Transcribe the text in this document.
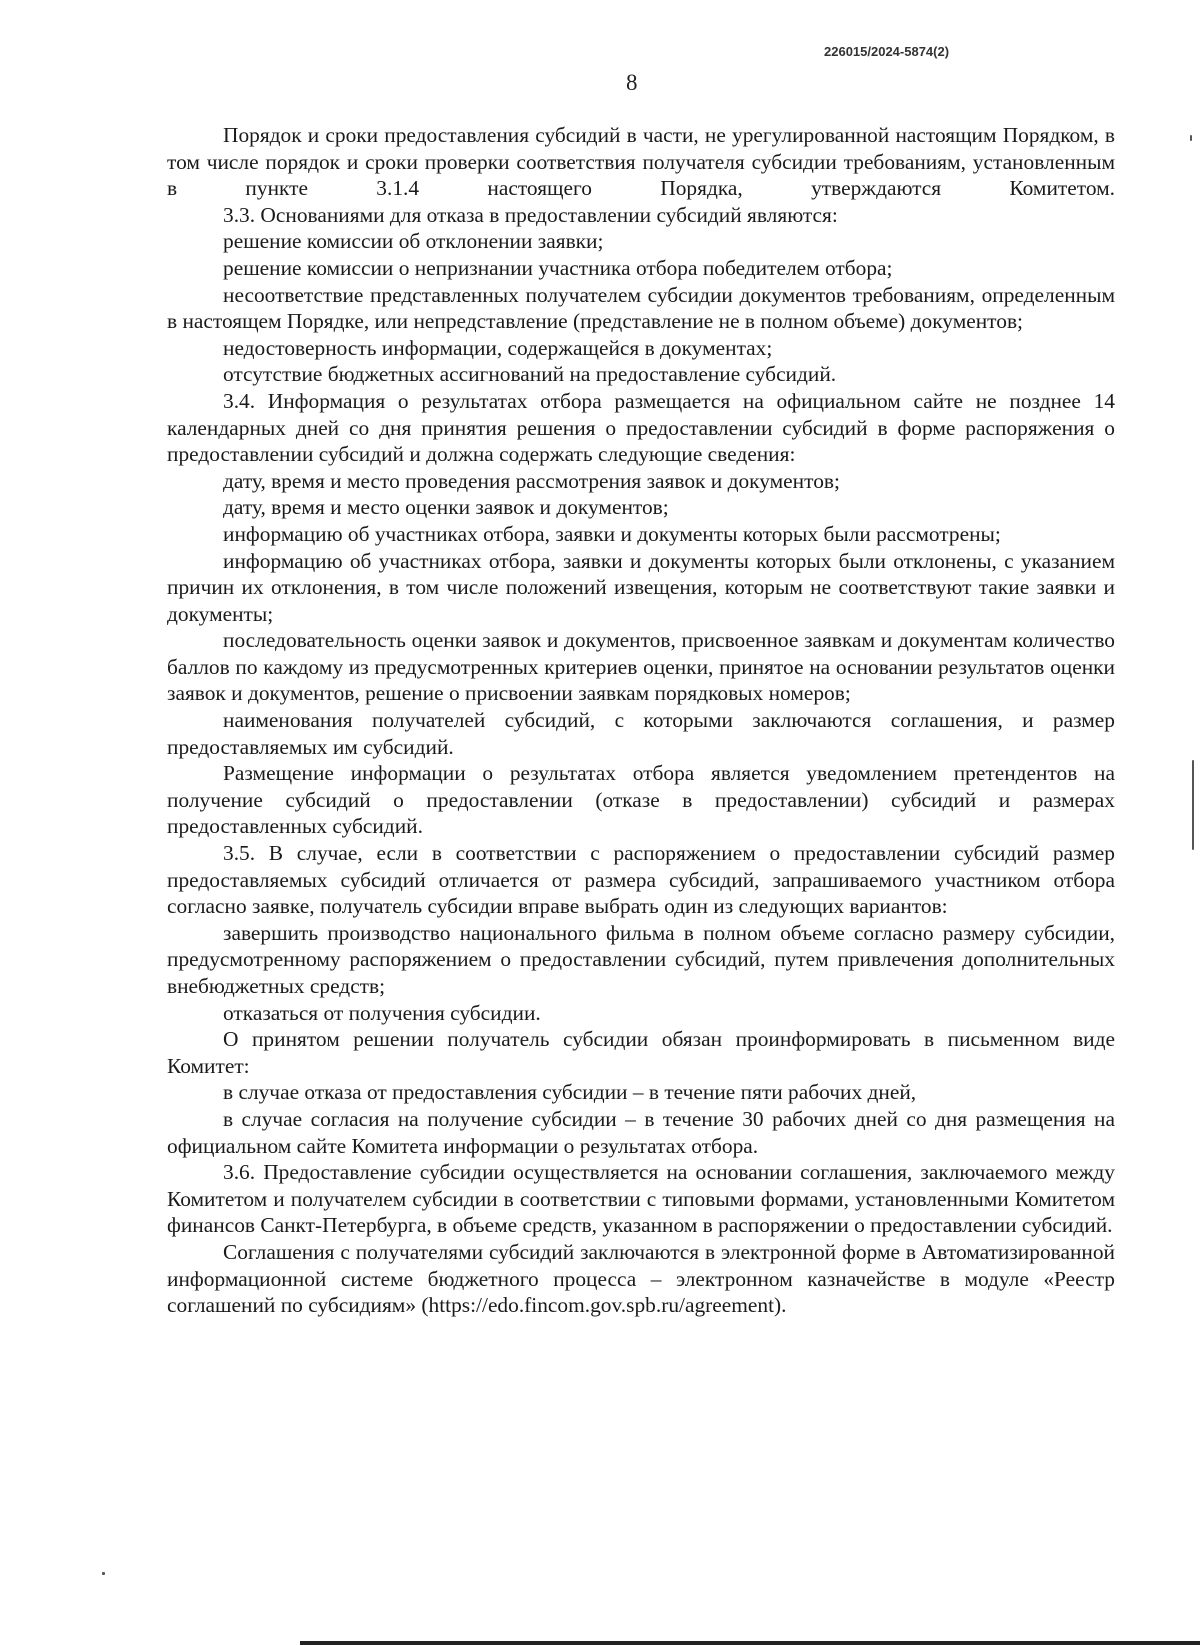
226015/2024-5874(2)
8

Порядок и сроки предоставления субсидий в части, не урегулированной настоящим Порядком, в том числе порядок и сроки проверки соответствия получателя субсидии требованиям, установленным в пункте 3.1.4 настоящего Порядка, утверждаются Комитетом.

3.3. Основаниями для отказа в предоставлении субсидий являются:

решение комиссии об отклонении заявки;

решение комиссии о непризнании участника отбора победителем отбора;

несоответствие представленных получателем субсидии документов требованиям, определенным в настоящем Порядке, или непредставление (представление не в полном объеме) документов;

недостоверность информации, содержащейся в документах;

отсутствие бюджетных ассигнований на предоставление субсидий.

3.4. Информация о результатах отбора размещается на официальном сайте не позднее 14 календарных дней со дня принятия решения о предоставлении субсидий в форме распоряжения о предоставлении субсидий и должна содержать следующие сведения:

дату, время и место проведения рассмотрения заявок и документов;

дату, время и место оценки заявок и документов;

информацию об участниках отбора, заявки и документы которых были рассмотрены;

информацию об участниках отбора, заявки и документы которых были отклонены, с указанием причин их отклонения, в том числе положений извещения, которым не соответствуют такие заявки и документы;

последовательность оценки заявок и документов, присвоенное заявкам и документам количество баллов по каждому из предусмотренных критериев оценки, принятое на основании результатов оценки заявок и документов, решение о присвоении заявкам порядковых номеров;

наименования получателей субсидий, с которыми заключаются соглашения, и размер предоставляемых им субсидий.

Размещение информации о результатах отбора является уведомлением претендентов на получение субсидий о предоставлении (отказе в предоставлении) субсидий и размерах предоставленных субсидий.

3.5. В случае, если в соответствии с распоряжением о предоставлении субсидий размер предоставляемых субсидий отличается от размера субсидий, запрашиваемого участником отбора согласно заявке, получатель субсидии вправе выбрать один из следующих вариантов:

завершить производство национального фильма в полном объеме согласно размеру субсидии, предусмотренному распоряжением о предоставлении субсидий, путем привлечения дополнительных внебюджетных средств;

отказаться от получения субсидии.

О принятом решении получатель субсидии обязан проинформировать в письменном виде Комитет:

в случае отказа от предоставления субсидии – в течение пяти рабочих дней,

в случае согласия на получение субсидии – в течение 30 рабочих дней со дня размещения на официальном сайте Комитета информации о результатах отбора.

3.6. Предоставление субсидии осуществляется на основании соглашения, заключаемого между Комитетом и получателем субсидии в соответствии с типовыми формами, установленными Комитетом финансов Санкт-Петербурга, в объеме средств, указанном в распоряжении о предоставлении субсидий.

Соглашения с получателями субсидий заключаются в электронной форме в Автоматизированной информационной системе бюджетного процесса – электронном казначействе в модуле «Реестр соглашений по субсидиям» (https://edo.fincom.gov.spb.ru/agreement).
